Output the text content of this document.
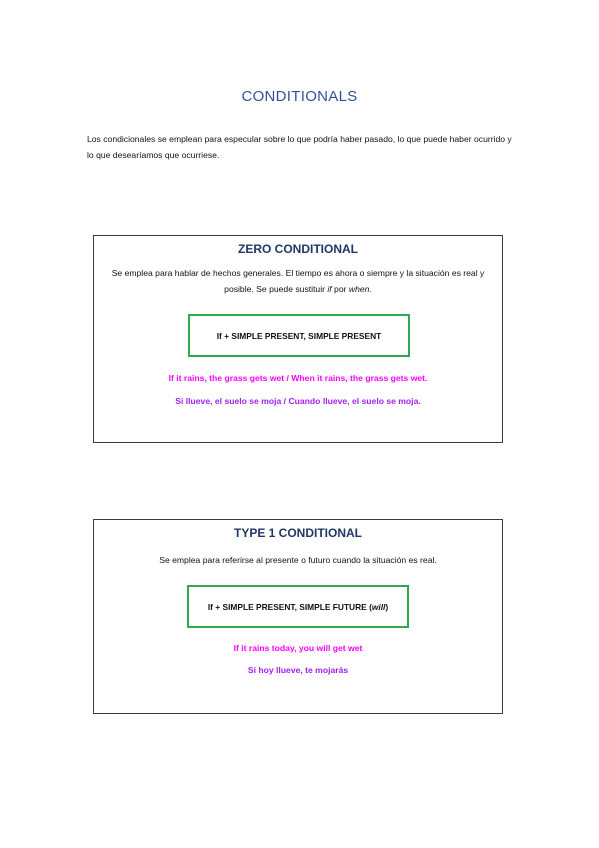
CONDITIONALS
Los condicionales se emplean para especular sobre lo que podría haber pasado, lo que puede haber ocurrido y lo que desearíamos que ocurriese.
ZERO CONDITIONAL
Se emplea para hablar de hechos generales. El tiempo es ahora o siempre y la situación es real y posible. Se puede sustituir if por when.
If + SIMPLE PRESENT, SIMPLE PRESENT
If it rains, the grass gets wet / When it rains, the grass gets wet.
Si llueve, el suelo se moja / Cuando llueve, el suelo se moja.
TYPE 1 CONDITIONAL
Se emplea para referirse al presente o futuro cuando la situación es real.
If + SIMPLE PRESENT, SIMPLE FUTURE (will)
If it rains today, you will get wet
Si hoy llueve, te mojarás
